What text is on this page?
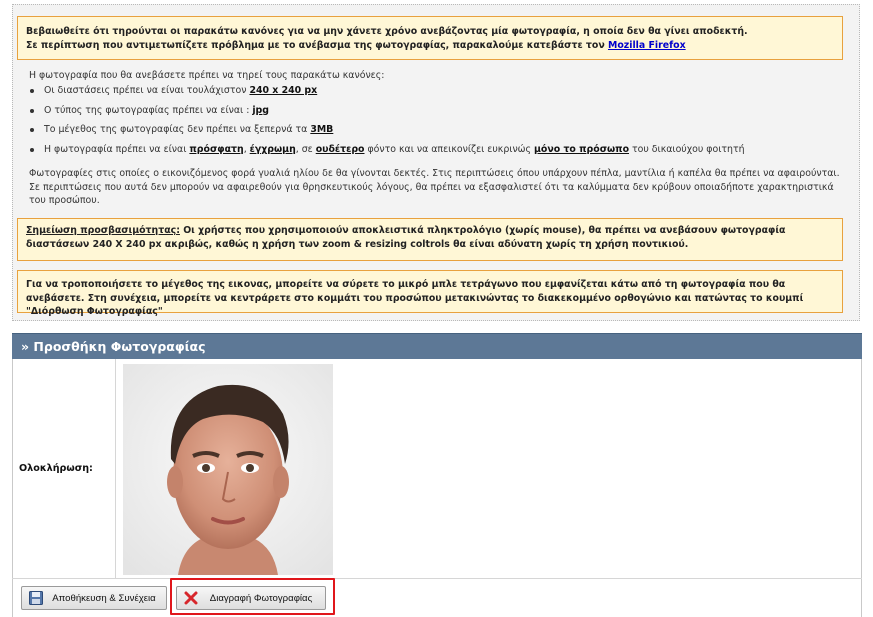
Βεβαιωθείτε ότι τηρούνται οι παρακάτω κανόνες για να μην χάνετε χρόνο ανεβάζοντας μία φωτογραφία, η οποία δεν θα γίνει αποδεκτή.
Σε περίπτωση που αντιμετωπίζετε πρόβλημα με το ανέβασμα της φωτογραφίας, παρακαλούμε κατεβάστε τον Mozilla Firefox
Η φωτογραφία που θα ανεβάσετε πρέπει να τηρεί τους παρακάτω κανόνες:
Οι διαστάσεις πρέπει να είναι τουλάχιστον 240 x 240 px
Ο τύπος της φωτογραφίας πρέπει να είναι : jpg
Το μέγεθος της φωτογραφίας δεν πρέπει να ξεπερνά τα 3MB
Η φωτογραφία πρέπει να είναι πρόσφατη, έγχρωμη, σε ουδέτερο φόντο και να απεικονίζει ευκρινώς μόνο το πρόσωπο του δικαιούχου φοιτητή
Φωτογραφίες στις οποίες ο εικονιζόμενος φορά γυαλιά ηλίου δε θα γίνονται δεκτές. Στις περιπτώσεις όπου υπάρχουν πέπλα, μαντίλια ή καπέλα θα πρέπει να αφαιρούνται. Σε περιπτώσεις που αυτά δεν μπορούν να αφαιρεθούν για θρησκευτικούς λόγους, θα πρέπει να εξασφαλιστεί ότι τα καλύμματα δεν κρύβουν οποιαδήποτε χαρακτηριστικά του προσώπου.
Σημείωση προσβασιμότητας: Οι χρήστες που χρησιμοποιούν αποκλειστικά πληκτρολόγιο (χωρίς mouse), θα πρέπει να ανεβάσουν φωτογραφία διαστάσεων 240 Χ 240 px ακριβώς, καθώς η χρήση των zoom & resizing coltrols θα είναι αδύνατη χωρίς τη χρήση ποντικιού.
Για να τροποποιήσετε το μέγεθος της εικονας, μπορείτε να σύρετε το μικρό μπλε τετράγωνο που εμφανίζεται κάτω από τη φωτογραφία που θα ανεβάσετε. Στη συνέχεια, μπορείτε να κεντράρετε στο κομμάτι του προσώπου μετακινώντας το διακεκομμένο ορθογώνιο και πατώντας το κουμπί "Διόρθωση Φωτογραφίας"
» Προσθήκη Φωτογραφίας
Ολοκλήρωση:
Αποθήκευση & Συνέχεια	Διαγραφή Φωτογραφίας
